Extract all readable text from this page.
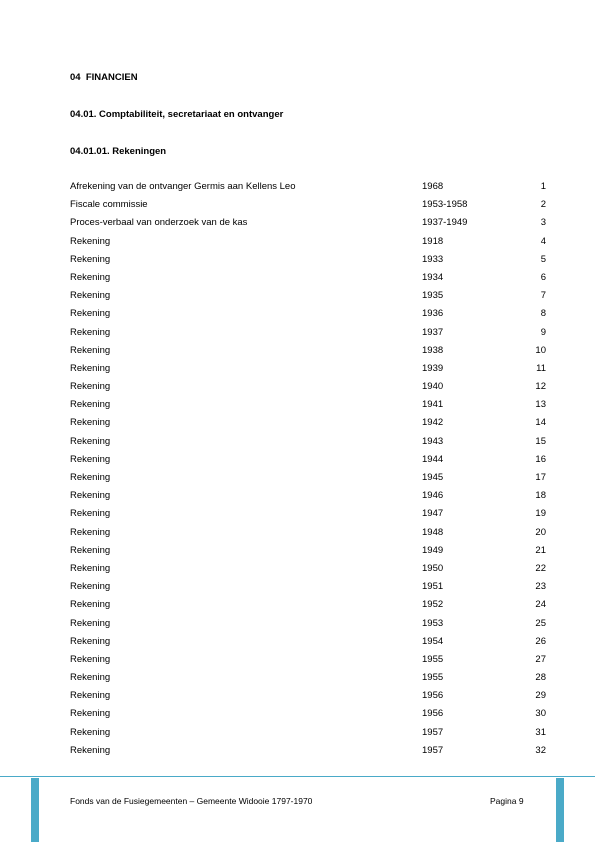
04  FINANCIEN
04.01. Comptabiliteit, secretariaat en ontvanger
04.01.01. Rekeningen
Afrekening van de ontvanger Germis aan Kellens Leo	1968	1
Fiscale commissie	1953-1958	2
Proces-verbaal van onderzoek van de kas	1937-1949	3
Rekening	1918	4
Rekening	1933	5
Rekening	1934	6
Rekening	1935	7
Rekening	1936	8
Rekening	1937	9
Rekening	1938	10
Rekening	1939	11
Rekening	1940	12
Rekening	1941	13
Rekening	1942	14
Rekening	1943	15
Rekening	1944	16
Rekening	1945	17
Rekening	1946	18
Rekening	1947	19
Rekening	1948	20
Rekening	1949	21
Rekening	1950	22
Rekening	1951	23
Rekening	1952	24
Rekening	1953	25
Rekening	1954	26
Rekening	1955	27
Rekening	1955	28
Rekening	1956	29
Rekening	1956	30
Rekening	1957	31
Rekening	1957	32
Fonds van de Fusiegemeenten – Gemeente Widooie 1797-1970	Pagina 9
